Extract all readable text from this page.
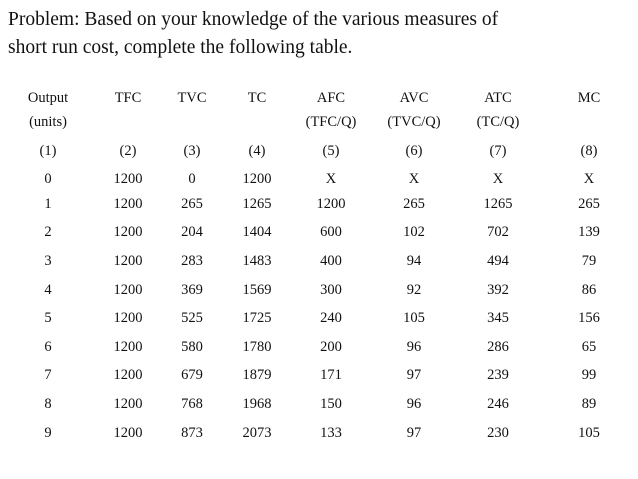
Problem: Based on your knowledge of the various measures of
short run cost, complete the following table.
Output	TFC	TVC	TC	AFC	AVC	ATC	MC
(units)				(TFC/Q)	(TVC/Q)	(TC/Q)	
(1)	(2)	(3)	(4)	(5)	(6)	(7)	(8)
0	1200	0	1200	X	X	X	X
1	1200	265	1265	1200	265	1265	265
2	1200	204	1404	600	102	702	139
3	1200	283	1483	400	94	494	79
4	1200	369	1569	300	92	392	86
5	1200	525	1725	240	105	345	156
6	1200	580	1780	200	96	286	65
7	1200	679	1879	171	97	239	99
8	1200	768	1968	150	96	246	89
9	1200	873	2073	133	97	230	105
